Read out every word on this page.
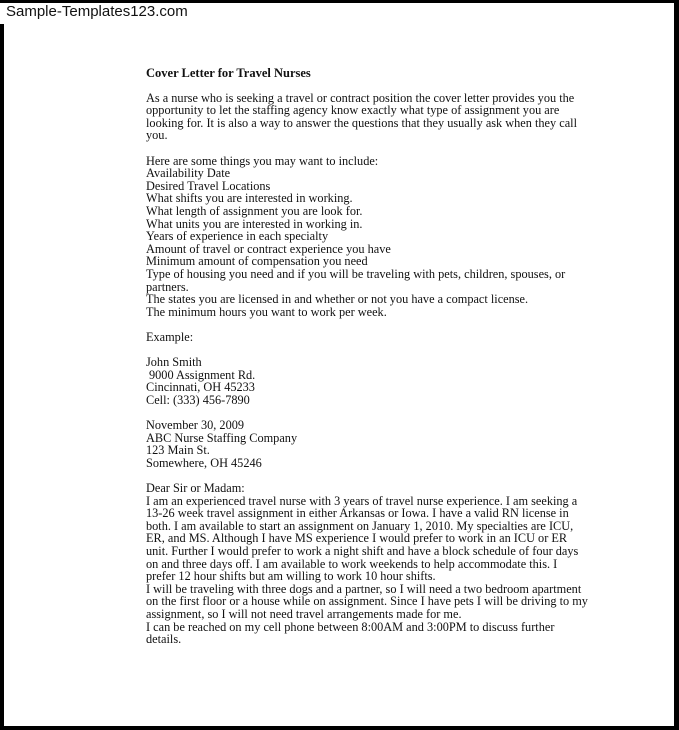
Sample-Templates123.com
Cover Letter for Travel Nurses
As a nurse who is seeking a travel or contract position the cover letter provides you the
opportunity to let the staffing agency know exactly what type of assignment you are
looking for. It is also a way to answer the questions that they usually ask when they call
you.
Here are some things you may want to include:
Availability Date
Desired Travel Locations
What shifts you are interested in working.
What length of assignment you are look for.
What units you are interested in working in.
Years of experience in each specialty
Amount of travel or contract experience you have
Minimum amount of compensation you need
Type of housing you need and if you will be traveling with pets, children, spouses, or
partners.
The states you are licensed in and whether or not you have a compact license.
The minimum hours you want to work per week.
Example:
John Smith
9000 Assignment Rd.
Cincinnati, OH 45233
Cell: (333) 456-7890
November 30, 2009
ABC Nurse Staffing Company
123 Main St.
Somewhere, OH 45246
Dear Sir or Madam:
I am an experienced travel nurse with 3 years of travel nurse experience. I am seeking a
13-26 week travel assignment in either Arkansas or Iowa. I have a valid RN license in
both. I am available to start an assignment on January 1, 2010. My specialties are ICU,
ER, and MS. Although I have MS experience I would prefer to work in an ICU or ER
unit. Further I would prefer to work a night shift and have a block schedule of four days
on and three days off. I am available to work weekends to help accommodate this. I
prefer 12 hour shifts but am willing to work 10 hour shifts.
I will be traveling with three dogs and a partner, so I will need a two bedroom apartment
on the first floor or a house while on assignment. Since I have pets I will be driving to my
assignment, so I will not need travel arrangements made for me.
I can be reached on my cell phone between 8:00AM and 3:00PM to discuss further
details.
